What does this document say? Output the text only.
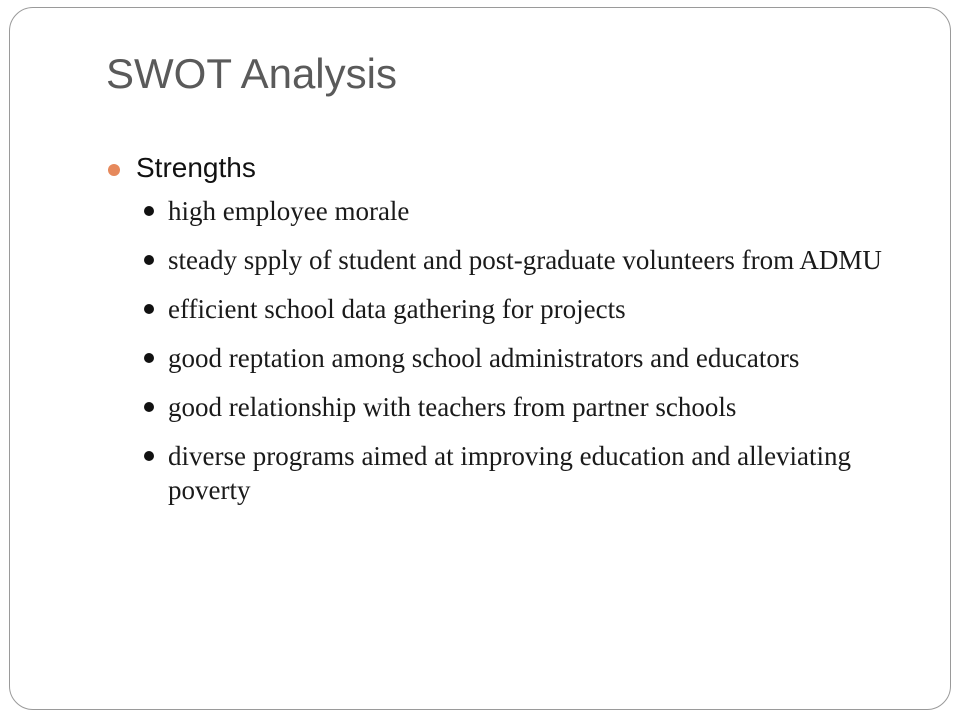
SWOT Analysis
Strengths
high employee morale
steady spply of student and post-graduate volunteers from ADMU
efficient school data gathering for projects
good reptation among school administrators and educators
good relationship with teachers from partner schools
diverse programs aimed at improving education and alleviating poverty
